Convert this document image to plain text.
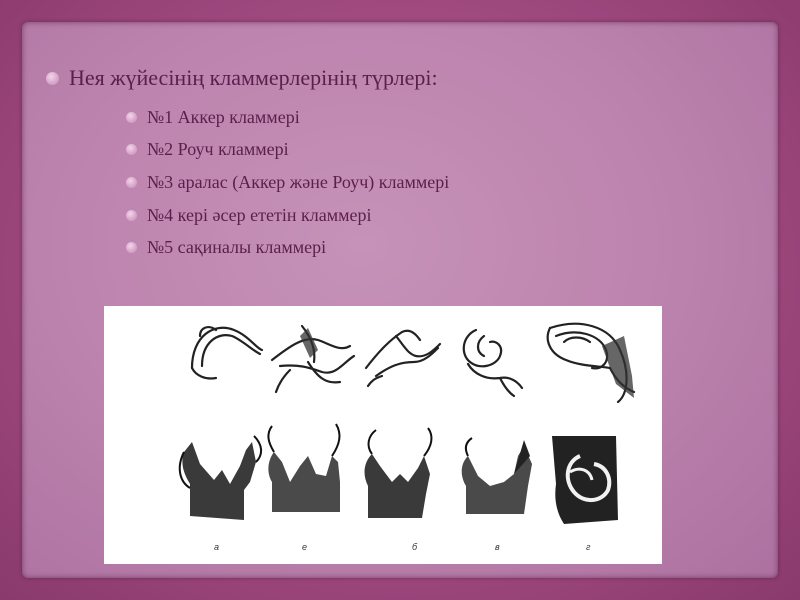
Нея жүйесінің кламмерлерінің түрлері:
№1 Аккер кламмері
№2 Роуч кламмері
№3 аралас (Аккер және Роуч) кламмері
№4 кері әсер ететін кламмері
№5 сақиналы кламмері
а	е	б	в	г
